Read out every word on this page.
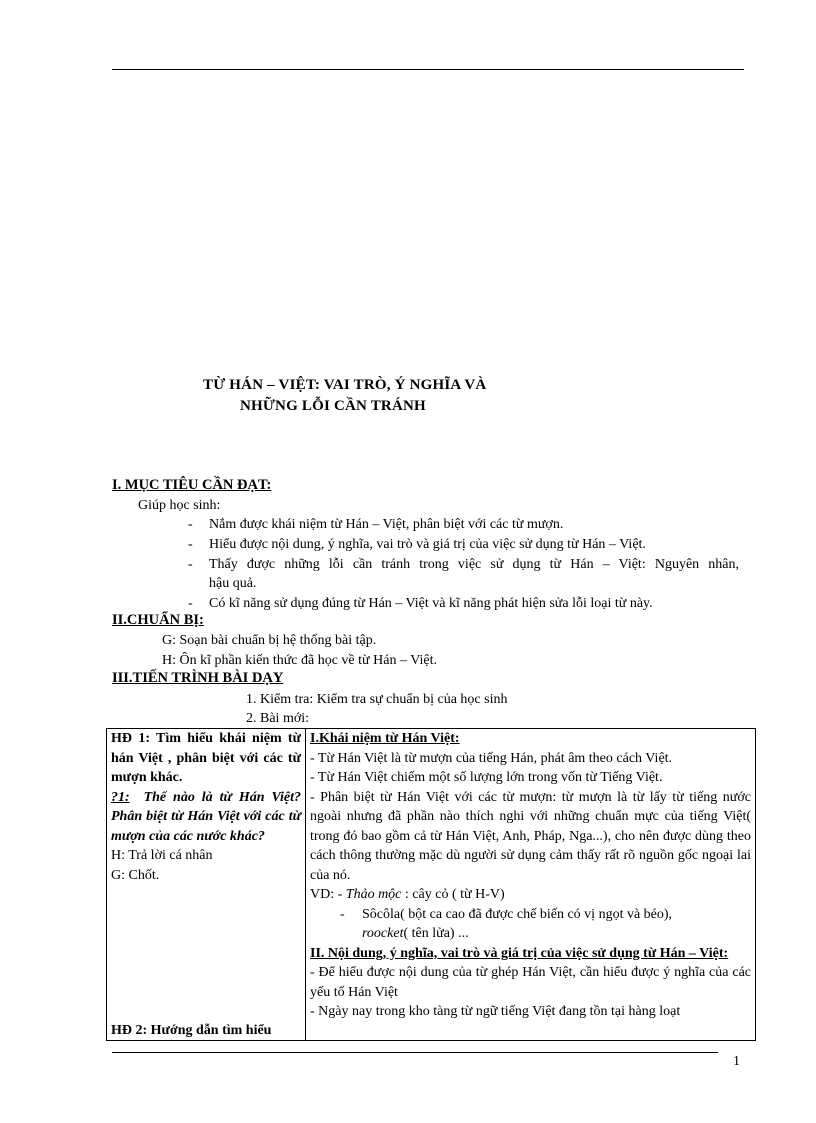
TỪ HÁN – VIỆT: VAI TRÒ, Ý NGHĨA VÀ
NHỮNG LỖI CẦN TRÁNH
I. MỤC TIÊU CẦN ĐẠT:
Giúp học sinh:
- Nắm được khái niệm từ Hán – Việt, phân biệt với các từ mượn.
- Hiểu được nội dung, ý nghĩa, vai trò và giá trị của việc sử dụng từ Hán – Việt.
- Thấy được những lỗi cần tránh trong việc sử dụng từ Hán – Việt: Nguyên nhân,
hậu quả.
- Có kĩ năng sử dụng đúng từ Hán – Việt và kĩ năng phát hiện sửa lỗi loại từ này.
II.CHUẨN BỊ:
G: Soạn bài chuẩn bị hệ thống bài tập.
H: Ôn kĩ phần kiến thức đã học về từ Hán – Việt.
III.TIẾN TRÌNH BÀI DẠY
1. Kiểm tra: Kiểm tra sự chuẩn bị của học sinh
2. Bài mới:
HĐ 1: Tìm hiểu khái niệm từ hán Việt , phân biệt với các từ mượn khác.
?1: Thế nào là từ Hán Việt? Phân biệt từ Hán Việt với các từ mượn của các nước khác?
H: Trả lời cá nhân
G: Chốt.
HĐ 2: Hướng dẫn tìm hiểu

I.Khái niệm từ Hán Việt:
- Từ Hán Việt là từ mượn của tiếng Hán, phát âm theo cách Việt.
- Từ Hán Việt chiếm một số lượng lớn trong vốn từ Tiếng Việt.
- Phân biệt từ Hán Việt với các từ mượn: từ mượn là từ lấy từ tiếng nước ngoài nhưng đã phần nào thích nghi với những chuẩn mực của tiếng Việt( trong đó bao gồm cả từ Hán Việt, Anh, Pháp, Nga...), cho nên được dùng theo cách thông thường mặc dù người sử dụng cảm thấy rất rõ nguồn gốc ngoại lai của nó.
VD: - Thảo mộc : cây cỏ ( từ H-V)
- Sôcôla( bột ca cao đã được chế biến có vị ngọt và béo),
roocket( tên lửa) ...
II. Nội dung, ý nghĩa, vai trò và giá trị của việc sử dụng từ Hán – Việt:
- Để hiểu được nội dung của từ ghép Hán Việt, cần hiểu được ý nghĩa của các yếu tố Hán Việt
- Ngày nay trong kho tàng từ ngữ tiếng Việt đang tồn tại hàng loạt
1
